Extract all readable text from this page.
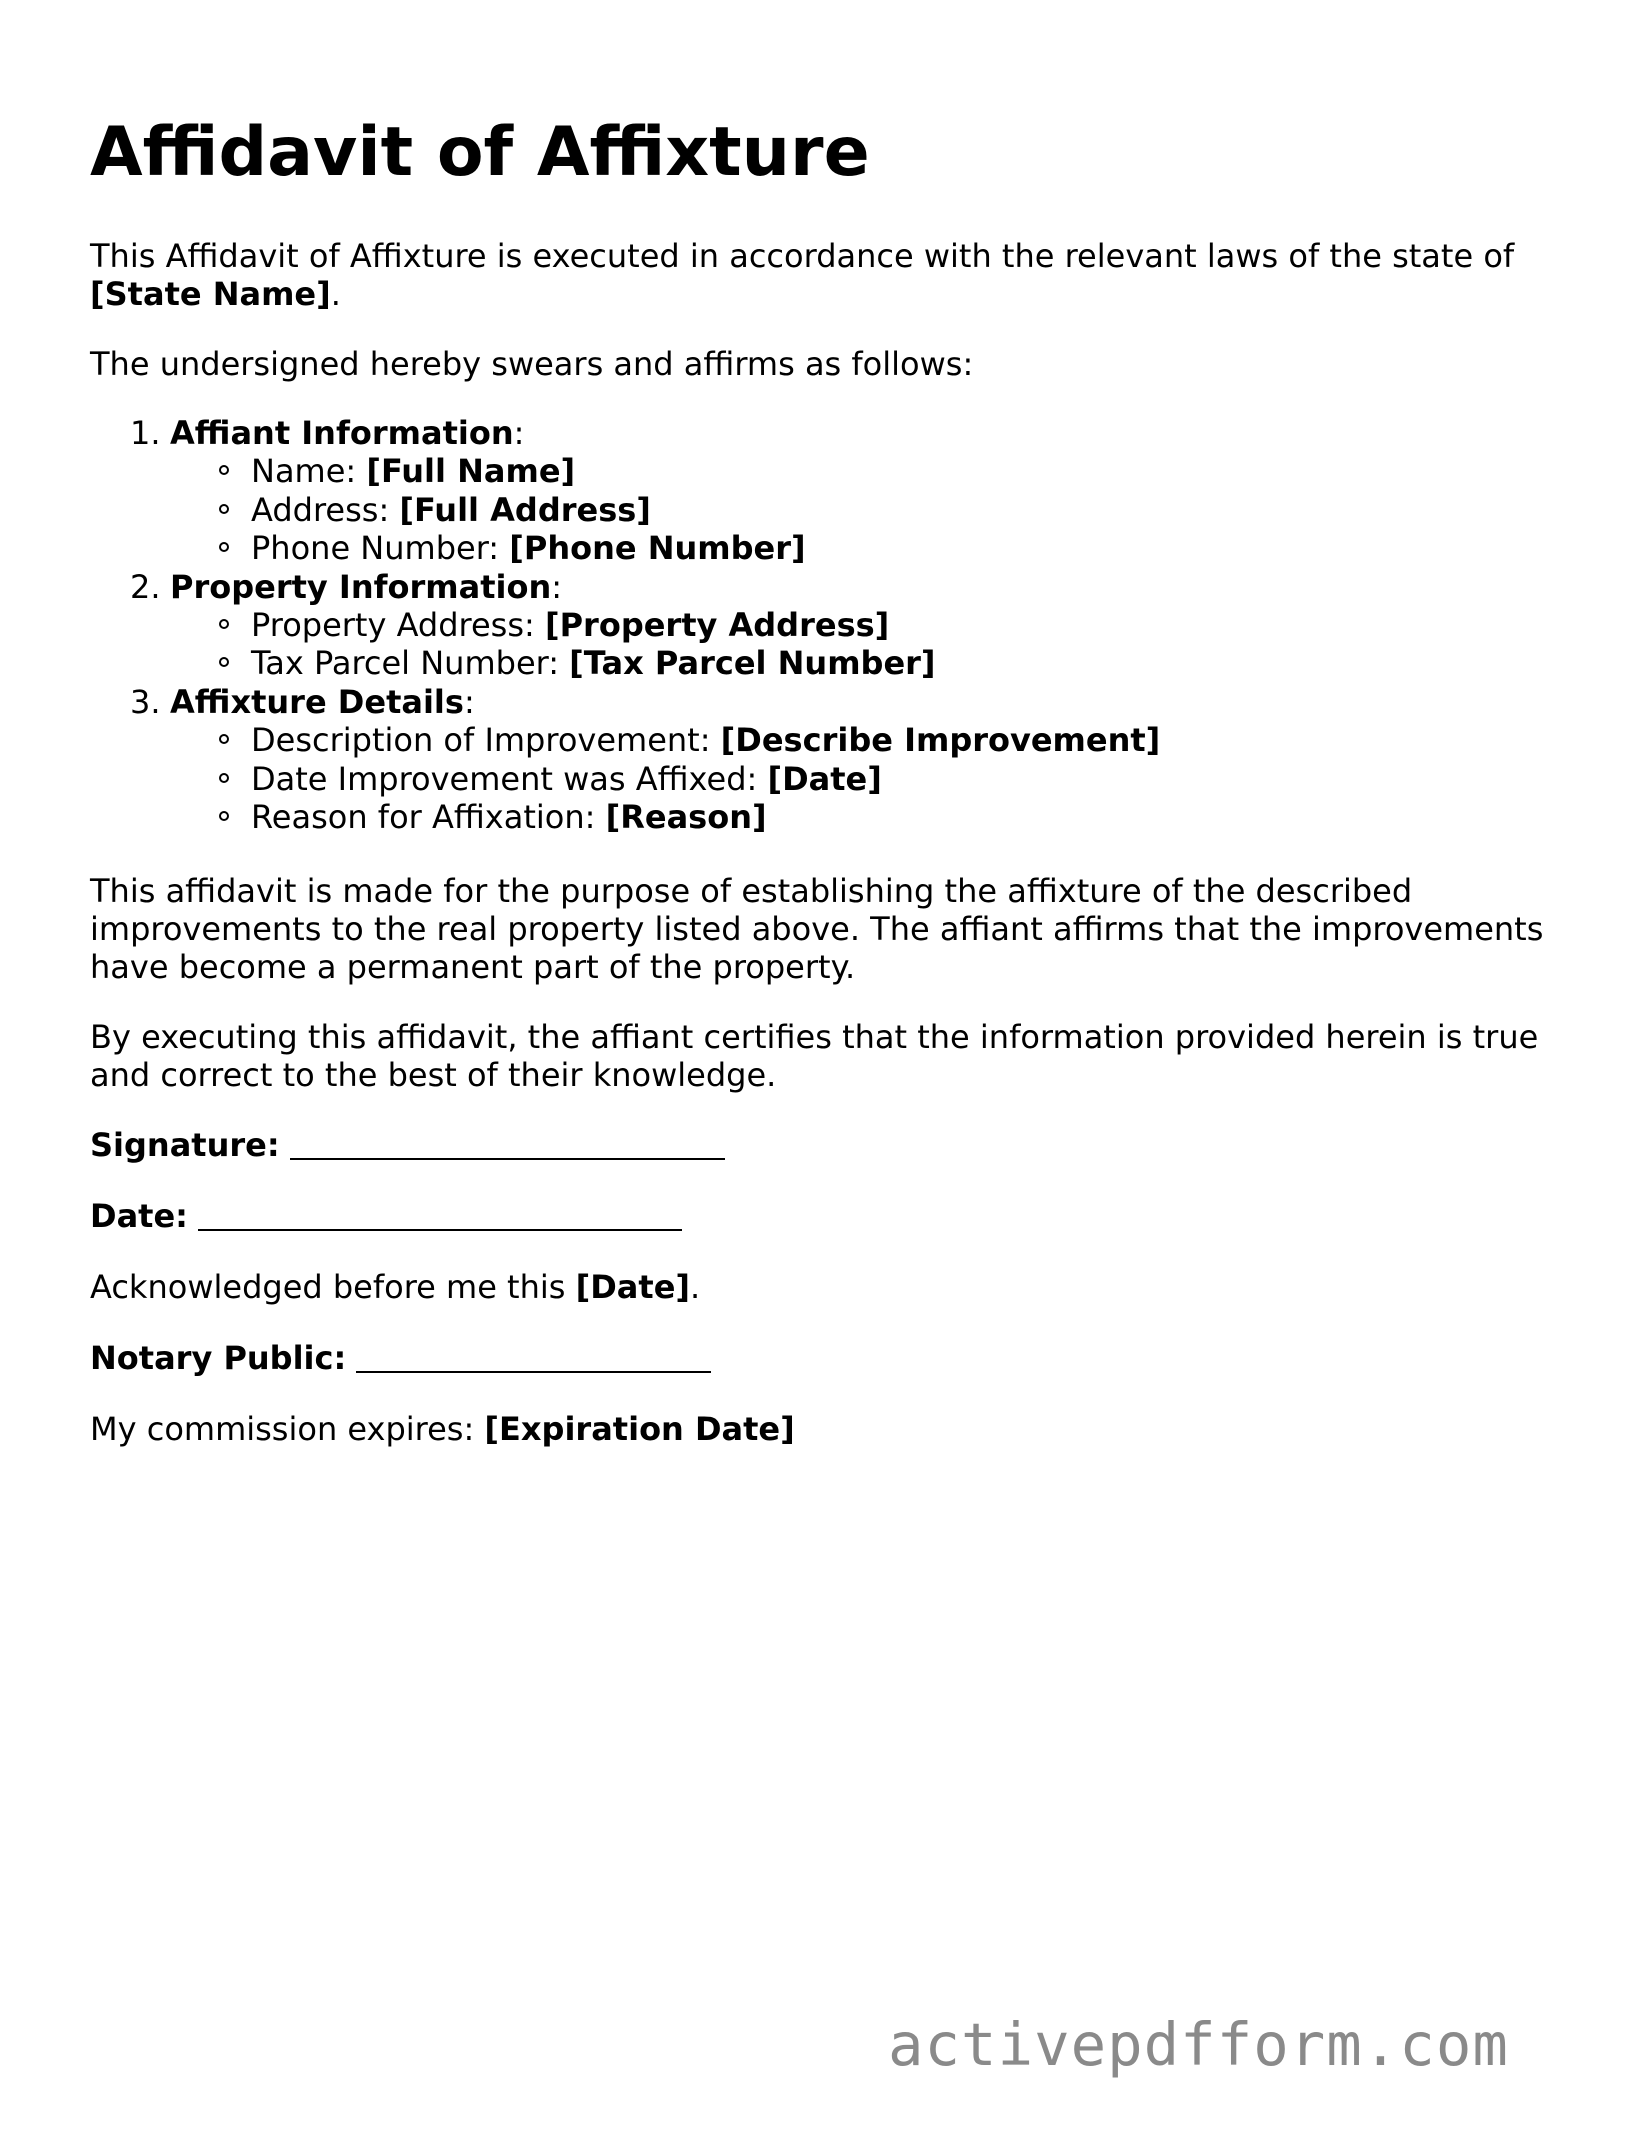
Affidavit of Affixture

This Affidavit of Affixture is executed in accordance with the relevant laws of the state of
[State Name].

The undersigned hereby swears and affirms as follows:

1. Affiant Information:
Name: [Full Name]
Address: [Full Address]
Phone Number: [Phone Number]
2. Property Information:
Property Address: [Property Address]
Tax Parcel Number: [Tax Parcel Number]
3. Affixture Details:
Description of Improvement: [Describe Improvement]
Date Improvement was Affixed: [Date]
Reason for Affixation: [Reason]

This affidavit is made for the purpose of establishing the affixture of the described
improvements to the real property listed above. The affiant affirms that the improvements
have become a permanent part of the property.

By executing this affidavit, the affiant certifies that the information provided herein is true
and correct to the best of their knowledge.

Signature:

Date:

Acknowledged before me this [Date].

Notary Public:

My commission expires: [Expiration Date]

activepdfform.com
